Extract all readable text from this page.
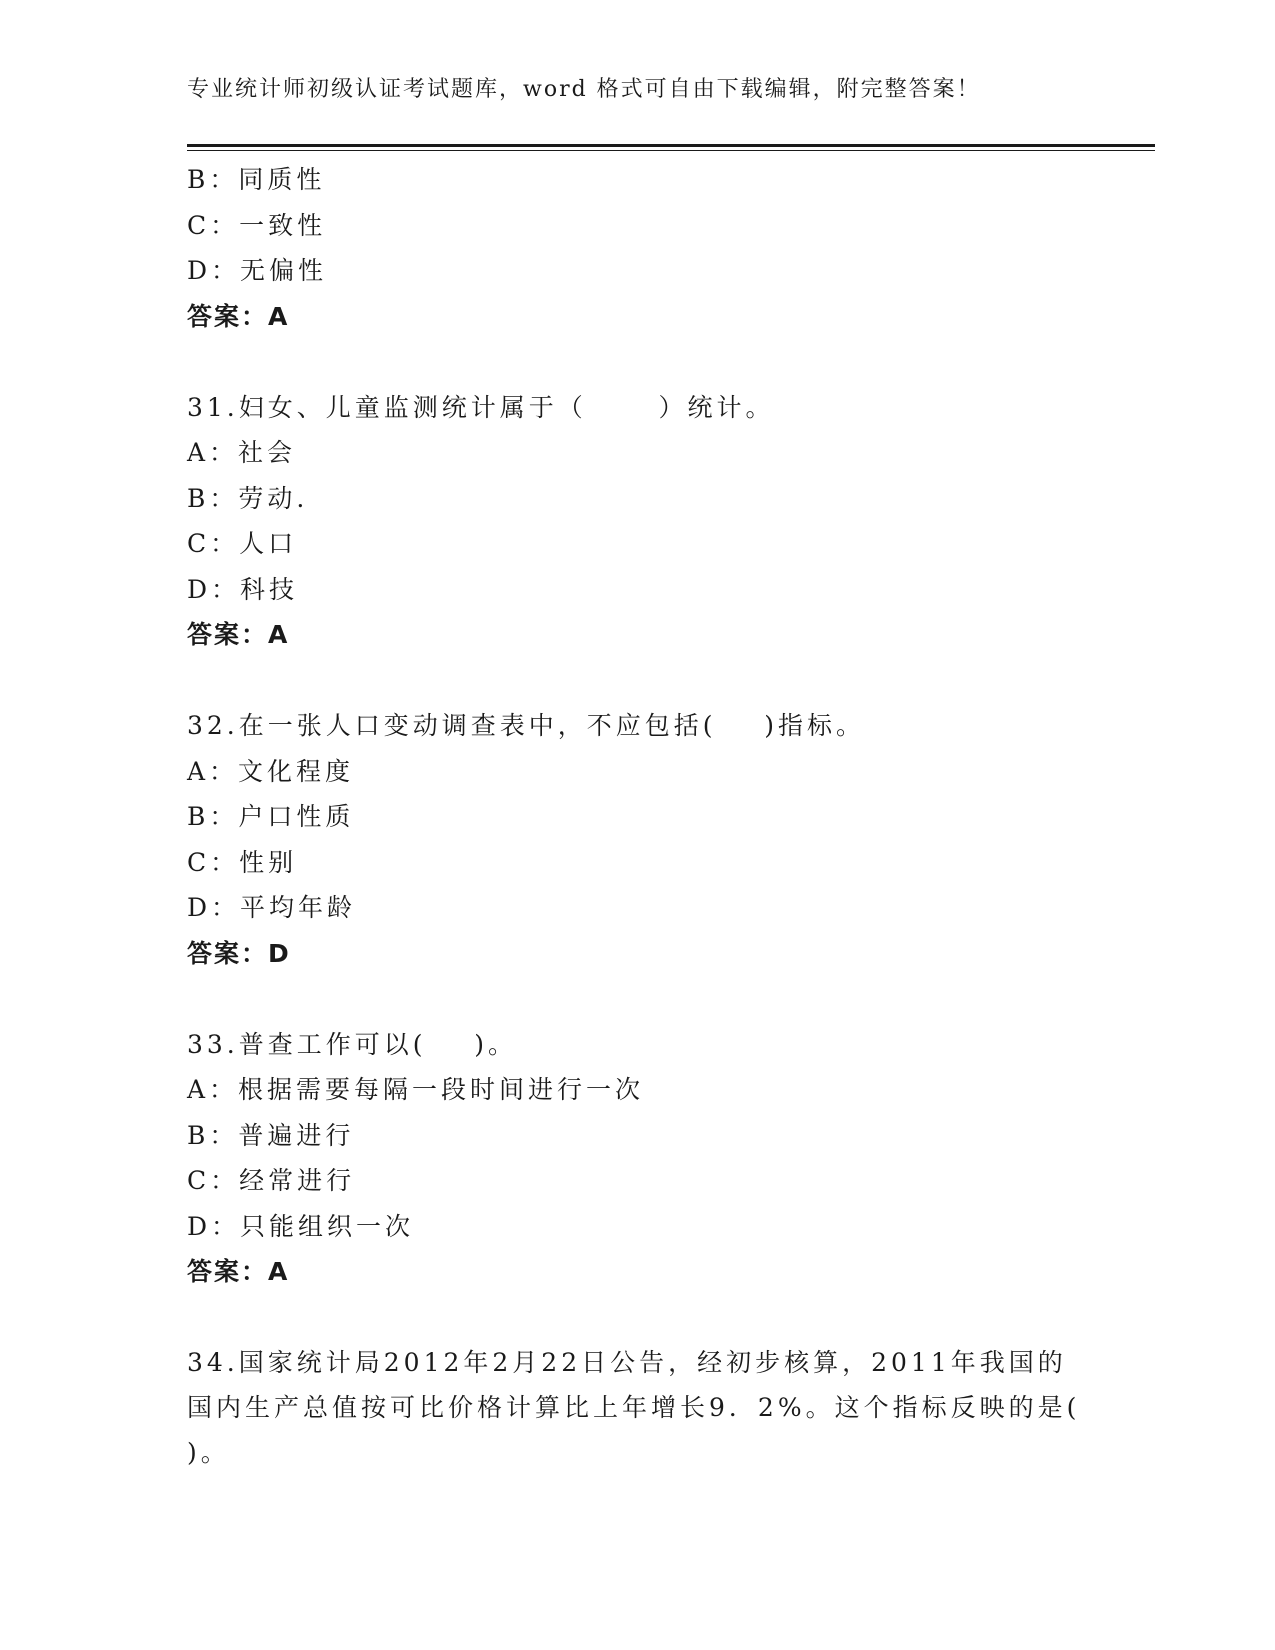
专业统计师初级认证考试题库，word 格式可自由下载编辑，附完整答案！
B：同质性
C：一致性
D：无偏性
答案：A
31.妇女、儿童监测统计属于（      ）统计。
A：社会
B：劳动.
C：人口
D：科技
答案：A
32.在一张人口变动调查表中，不应包括(    )指标。
A：文化程度
B：户口性质
C：性别
D：平均年龄
答案：D
33.普查工作可以(    )。
A：根据需要每隔一段时间进行一次
B：普遍进行
C：经常进行
D：只能组织一次
答案：A
34.国家统计局2012年2月22日公告，经初步核算，2011年我国的国内生产总值按可比价格计算比上年增长9．2%。这个指标反映的是( )。
